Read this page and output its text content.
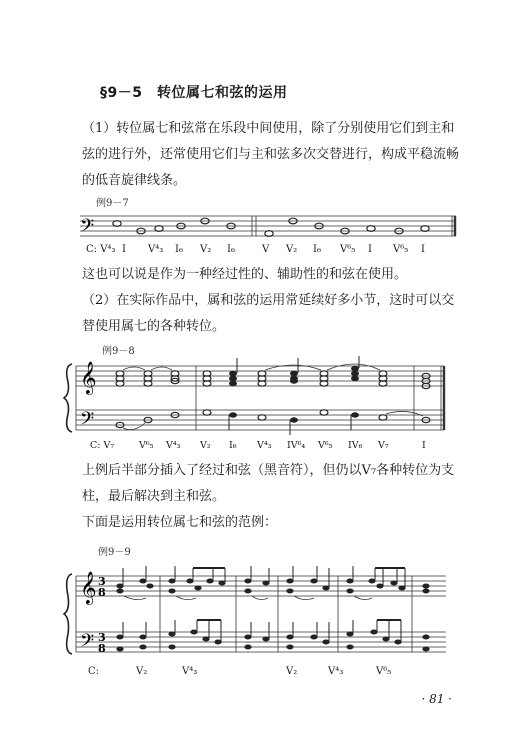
§9－5　转位属七和弦的运用

（1）转位属七和弦常在乐段中间使用，除了分别使用它们到主和弦的进行外，还常使用它们与主和弦多次交替进行，构成平稳流畅的低音旋律线条。

例9－7
𝄢
C: V⁴₃ I V⁴₃ I₆ V₂ I₆	V V₂ I₆ V⁶₅ I V⁶₅ I

这也可以说是作为一种经过性的、辅助性的和弦在使用。

（2）在实际作品中，属和弦的运用常延续好多小节，这时可以交替使用属七的各种转位。

例9－8
𝄞
𝄢
C: V₇	V⁶₅ V⁴₃ V₂ I₆ V⁴₃ IV⁶₄ V⁶₅ IV₆ V₇	I

上例后半部分插入了经过和弦（黑音符），但仍以V₇各种转位为支柱，最后解决到主和弦。

下面是运用转位属七和弦的范例：

例9－9
𝄞
𝄢
3
8
3
8
C:	V₂	V⁴₃	V₂	V⁴₃	V⁶₅
· 81 ·
